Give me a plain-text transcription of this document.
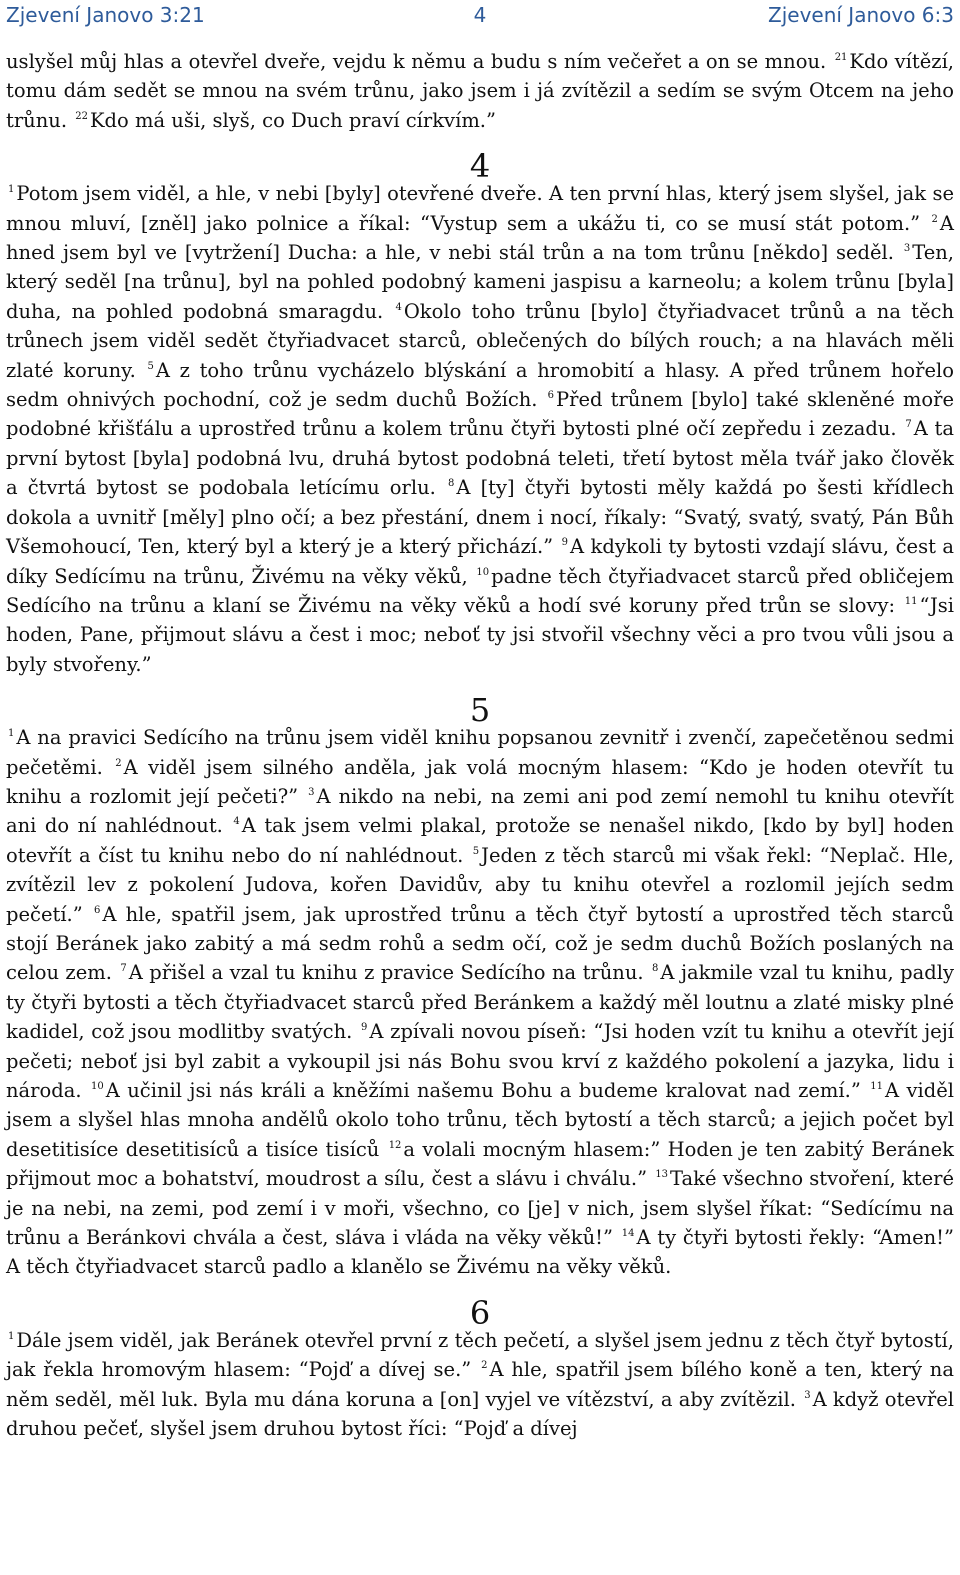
Zjevení Janovo 3:21	4	Zjevení Janovo 6:3

uslyšel můj hlas a otevřel dveře, vejdu k němu a budu s ním večeřet a on se mnou. $^{21}$ Kdo vítězí, tomu dám sedět se mnou na svém trůnu, jako jsem i já zvítězil a sedím se svým Otcem na jeho trůnu. $^{22}$ Kdo má uši, slyš, co Duch praví církvím.”

4

$^1$ Potom jsem viděl, a hle, v nebi [byly] otevřené dveře. A ten první hlas, který jsem slyšel, jak se mnou mluví, [zněl] jako polnice a říkal: “Vystup sem a ukážu ti, co se musí stát potom.” $^2$ A hned jsem byl ve [vytržení] Ducha: a hle, v nebi stál trůn a na tom trůnu [někdo] seděl. $^3$ Ten, který seděl [na trůnu], byl na pohled podobný kameni jaspisu a karneolu; a kolem trůnu [byla] duha, na pohled podobná smaragdu. $^4$ Okolo toho trůnu [bylo] čtyřiadvacet trůnů a na těch trůnech jsem viděl sedět čtyřiadvacet starců, oblečených do bílých rouch; a na hlavách měli zlaté koruny. $^5$ A z toho trůnu vycházelo blýskání a hromobití a hlasy. A před trůnem hořelo sedm ohnivých pochodní, což je sedm duchů Božích. $^6$ Před trůnem [bylo] také skleněné moře podobné křišťálu a uprostřed trůnu a kolem trůnu čtyři bytosti plné očí zepředu i zezadu. $^7$ A ta první bytost [byla] podobná lvu, druhá bytost podobná teleti, třetí bytost měla tvář jako člověk a čtvrtá bytost se podobala letícímu orlu. $^8$ A [ty] čtyři bytosti měly každá po šesti křídlech dokola a uvnitř [měly] plno očí; a bez přestání, dnem i nocí, říkaly: “Svatý, svatý, svatý, Pán Bůh Všemohoucí, Ten, který byl a který je a který přichází.” $^9$ A kdykoli ty bytosti vzdají slávu, čest a díky Sedícímu na trůnu, Živému na věky věků, $^{10}$ padne těch čtyřiadvacet starců před obličejem Sedícího na trůnu a klaní se Živému na věky věků a hodí své koruny před trůn se slovy: $^{11}$ “Jsi hoden, Pane, přijmout slávu a čest i moc; neboť ty jsi stvořil všechny věci a pro tvou vůli jsou a byly stvořeny.”

5

$^1$ A na pravici Sedícího na trůnu jsem viděl knihu popsanou zevnitř i zvenčí, zapečetěnou sedmi pečetěmi. $^2$ A viděl jsem silného anděla, jak volá mocným hlasem: “Kdo je hoden otevřít tu knihu a rozlomit její pečeti?” $^3$ A nikdo na nebi, na zemi ani pod zemí nemohl tu knihu otevřít ani do ní nahlédnout. $^4$ A tak jsem velmi plakal, protože se nenašel nikdo, [kdo by byl] hoden otevřít a číst tu knihu nebo do ní nahlédnout. $^5$ Jeden z těch starců mi však řekl: “Neplač. Hle, zvítězil lev z pokolení Judova, kořen Davidův, aby tu knihu otevřel a rozlomil jejích sedm pečetí.” $^6$ A hle, spatřil jsem, jak uprostřed trůnu a těch čtyř bytostí a uprostřed těch starců stojí Beránek jako zabitý a má sedm rohů a sedm očí, což je sedm duchů Božích poslaných na celou zem. $^7$ A přišel a vzal tu knihu z pravice Sedícího na trůnu. $^8$ A jakmile vzal tu knihu, padly ty čtyři bytosti a těch čtyřiadvacet starců před Beránkem a každý měl loutnu a zlaté misky plné kadidel, což jsou modlitby svatých. $^9$ A zpívali novou píseň: “Jsi hoden vzít tu knihu a otevřít její pečeti; neboť jsi byl zabit a vykoupil jsi nás Bohu svou krví z každého pokolení a jazyka, lidu i národa. $^{10}$ A učinil jsi nás králi a kněžími našemu Bohu a budeme kralovat nad zemí.” $^{11}$ A viděl jsem a slyšel hlas mnoha andělů okolo toho trůnu, těch bytostí a těch starců; a jejich počet byl desetitisíce desetitisíců a tisíce tisíců $^{12}$ a volali mocným hlasem:” Hoden je ten zabitý Beránek přijmout moc a bohatství, moudrost a sílu, čest a slávu i chválu.” $^{13}$ Také všechno stvoření, které je na nebi, na zemi, pod zemí i v moři, všechno, co [je] v nich, jsem slyšel říkat: “Sedícímu na trůnu a Beránkovi chvála a čest, sláva i vláda na věky věků!” $^{14}$ A ty čtyři bytosti řekly: “Amen!” A těch čtyřiadvacet starců padlo a klanělo se Živému na věky věků.

6

$^1$ Dále jsem viděl, jak Beránek otevřel první z těch pečetí, a slyšel jsem jednu z těch čtyř bytostí, jak řekla hromovým hlasem: “Pojď a dívej se.” $^2$ A hle, spatřil jsem bílého koně a ten, který na něm seděl, měl luk. Byla mu dána koruna a [on] vyjel ve vítězství, a aby zvítězil. $^3$ A když otevřel druhou pečeť, slyšel jsem druhou bytost říci: “Pojď a dívej
